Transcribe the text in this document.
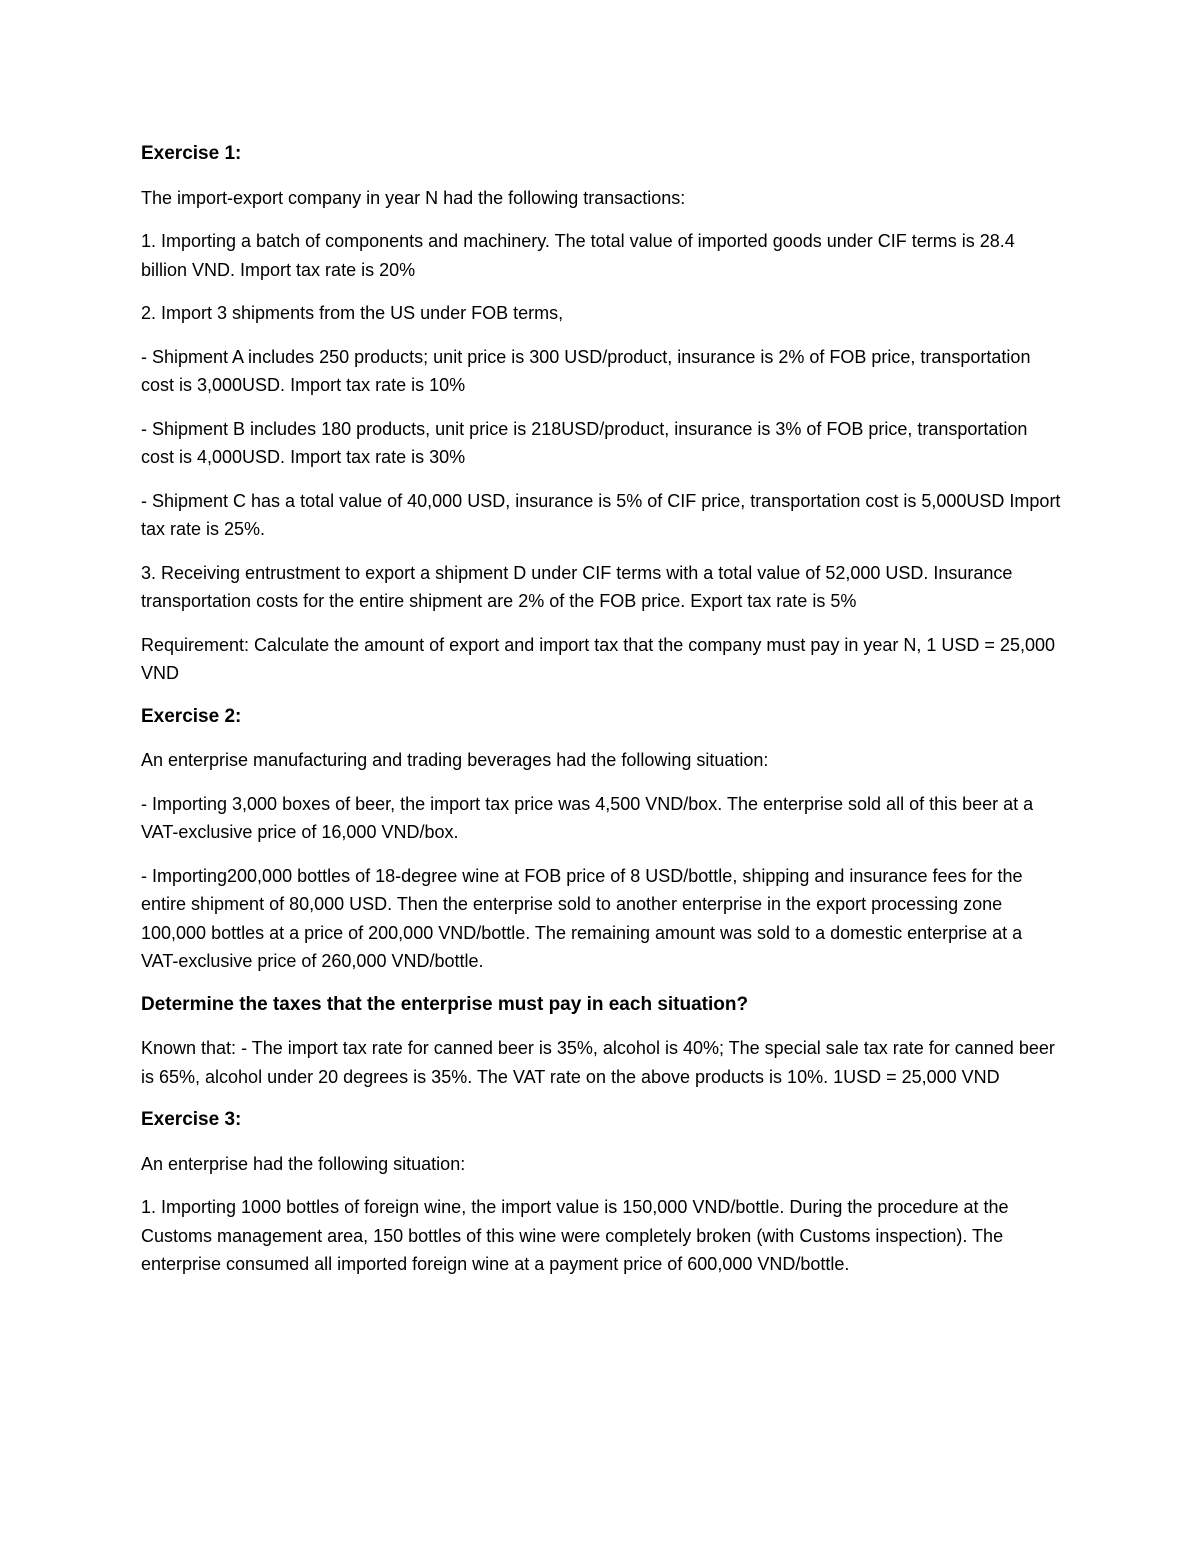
Exercise 1:

The import-export company in year N had the following transactions:

1. Importing a batch of components and machinery. The total value of imported goods under CIF terms is 28.4 billion VND. Import tax rate is 20%

2. Import 3 shipments from the US under FOB terms,

- Shipment A includes 250 products; unit price is 300 USD/product, insurance is 2% of FOB price, transportation cost is 3,000USD. Import tax rate is 10%

- Shipment B includes 180 products, unit price is 218USD/product, insurance is 3% of FOB price, transportation cost is 4,000USD. Import tax rate is 30%

- Shipment C has a total value of 40,000 USD, insurance is 5% of CIF price, transportation cost is 5,000USD Import tax rate is 25%.

3. Receiving entrustment to export a shipment D under CIF terms with a total value of 52,000 USD. Insurance transportation costs for the entire shipment are 2% of the FOB price. Export tax rate is 5%

Requirement: Calculate the amount of export and import tax that the company must pay in year N, 1 USD = 25,000 VND

Exercise 2:

An enterprise manufacturing and trading beverages had the following situation:

- Importing 3,000 boxes of beer, the import tax price was 4,500 VND/box. The enterprise sold all of this beer at a VAT-exclusive price of 16,000 VND/box.

- Importing200,000 bottles of 18-degree wine at FOB price of 8 USD/bottle, shipping and insurance fees for the entire shipment of 80,000 USD. Then the enterprise sold to another enterprise in the export processing zone 100,000 bottles at a price of 200,000 VND/bottle. The remaining amount was sold to a domestic enterprise at a VAT-exclusive price of 260,000 VND/bottle.

Determine the taxes that the enterprise must pay in each situation?

Known that: - The import tax rate for canned beer is 35%, alcohol is 40%; The special sale tax rate for canned beer is 65%, alcohol under 20 degrees is 35%. The VAT rate on the above products is 10%. 1USD = 25,000 VND

Exercise 3:

An enterprise had the following situation:

1. Importing 1000 bottles of foreign wine, the import value is 150,000 VND/bottle. During the procedure at the Customs management area, 150 bottles of this wine were completely broken (with Customs inspection). The enterprise consumed all imported foreign wine at a payment price of 600,000 VND/bottle.
